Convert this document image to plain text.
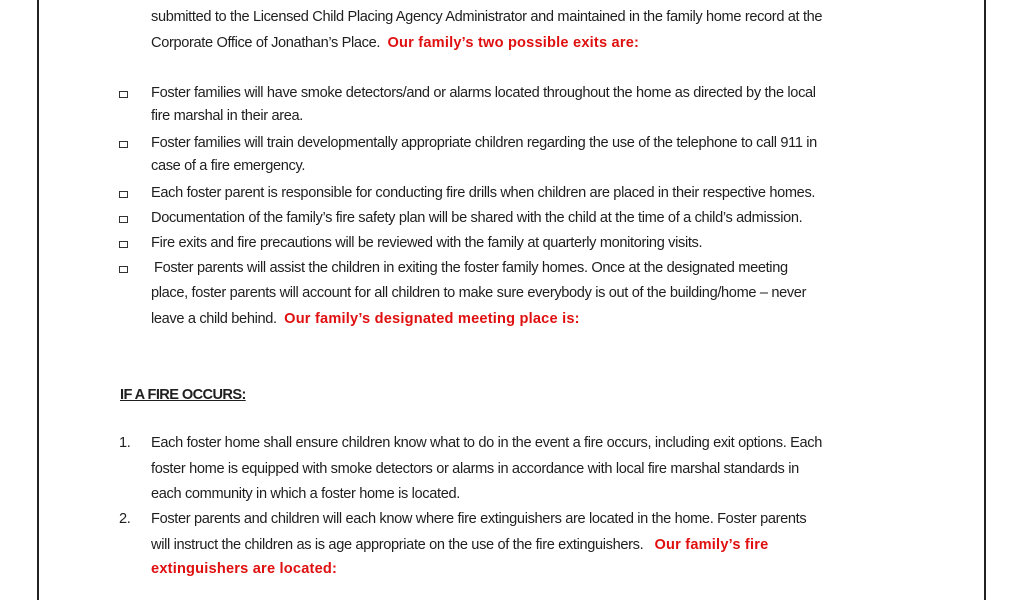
submitted to the Licensed Child Placing Agency Administrator and maintained in the family home record at the
Corporate Office of Jonathan’s Place. Our family’s two possible exits are:
Foster families will have smoke detectors/and or alarms located throughout the home as directed by the local
fire marshal in their area.
Foster families will train developmentally appropriate children regarding the use of the telephone to call 911 in
case of a fire emergency.
Each foster parent is responsible for conducting fire drills when children are placed in their respective homes.
Documentation of the family’s fire safety plan will be shared with the child at the time of a child’s admission.
Fire exits and fire precautions will be reviewed with the family at quarterly monitoring visits.
Foster parents will assist the children in exiting the foster family homes. Once at the designated meeting
place, foster parents will account for all children to make sure everybody is out of the building/home – never
leave a child behind. Our family’s designated meeting place is:
IF A FIRE OCCURS:
1. Each foster home shall ensure children know what to do in the event a fire occurs, including exit options. Each
foster home is equipped with smoke detectors or alarms in accordance with local fire marshal standards in
each community in which a foster home is located.
2. Foster parents and children will each know where fire extinguishers are located in the home. Foster parents
will instruct the children as is age appropriate on the use of the fire extinguishers. Our family’s fire
extinguishers are located:
